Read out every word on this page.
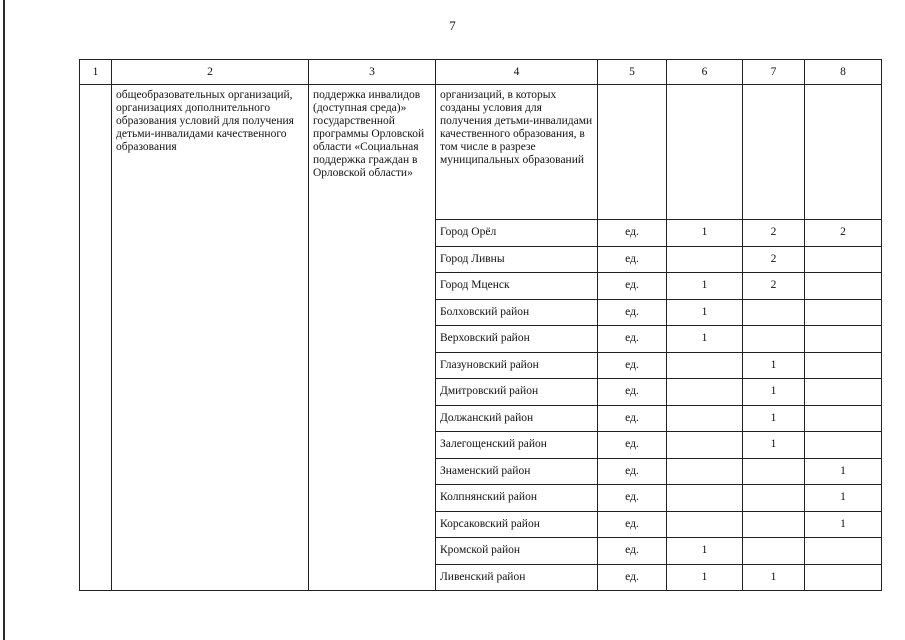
7
1	2	3	4	5	6	7	8
	общеобразовательных организаций, организациях дополнительного образования условий для получения детьми-инвалидами качественного образования	поддержка инвалидов (доступная среда)» государственной программы Орловской области «Социальная поддержка граждан в Орловской области»	организаций, в которых созданы условия для получения детьми-инвалидами качественного образования, в том числе в разрезе муниципальных образований				
			Город Орёл	ед.	1	2	2
			Город Ливны	ед.		2	
			Город Мценск	ед.	1	2	
			Болховский район	ед.	1		
			Верховский район	ед.	1		
			Глазуновский район	ед.		1	
			Дмитровский район	ед.		1	
			Должанский район	ед.		1	
			Залегощенский район	ед.		1	
			Знаменский район	ед.			1
			Колпнянский район	ед.			1
			Корсаковский район	ед.			1
			Кромской район	ед.	1		
			Ливенский район	ед.	1	1	
